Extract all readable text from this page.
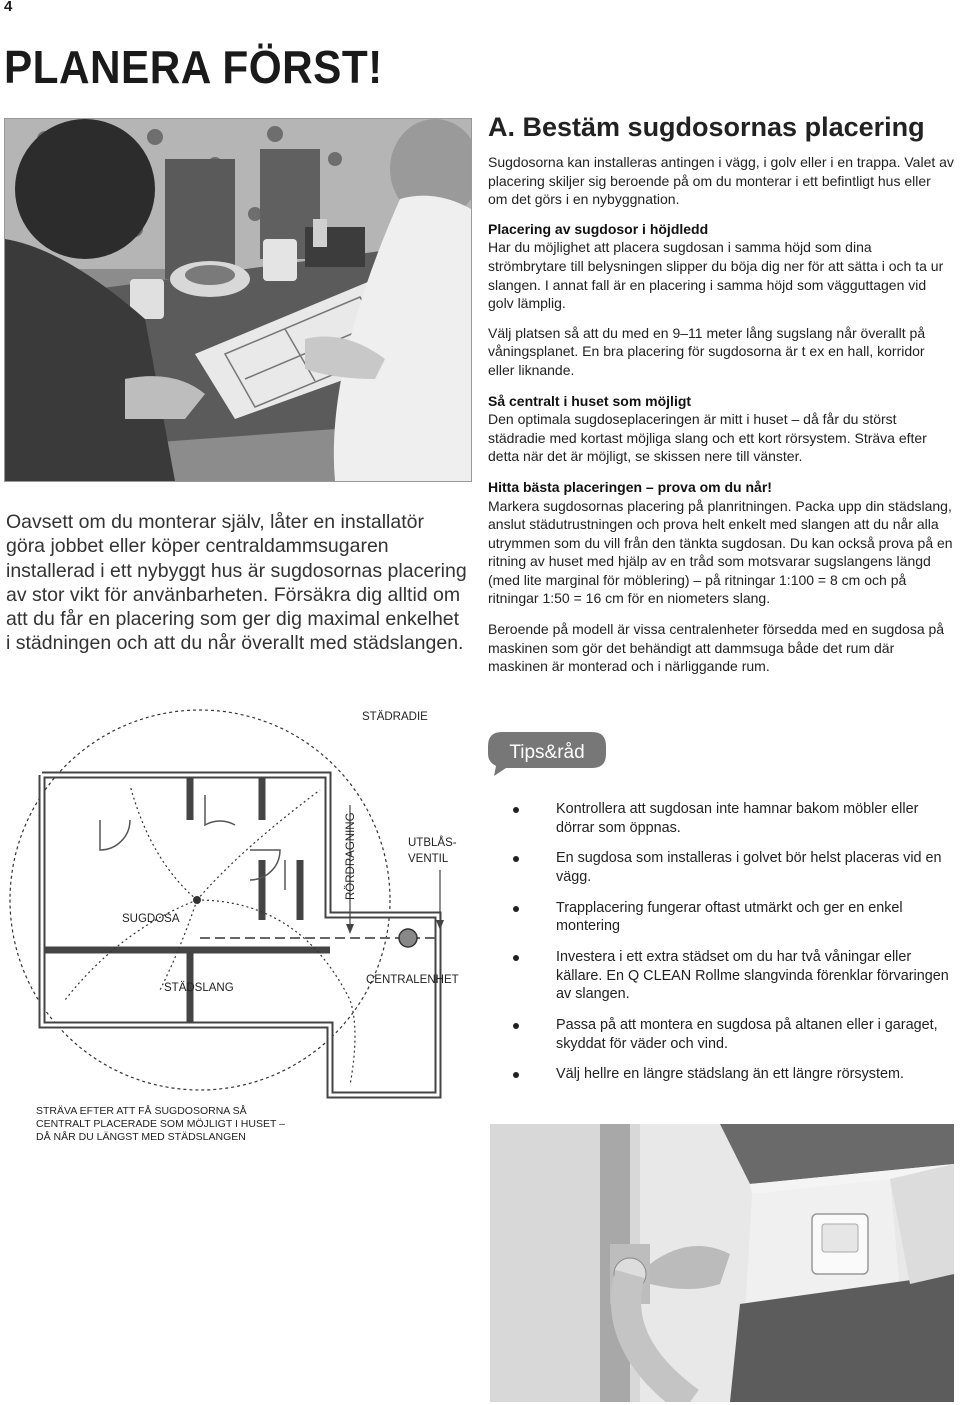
4
PLANERA FÖRST!
Oavsett om du monterar själv, låter en installatör göra jobbet eller köper centraldammsugaren installerad i ett nybyggt hus är sugdosornas placering av stor vikt för använbarheten. Försäkra dig alltid om att du får en placering som ger dig maximal enkelhet i städningen och att du når överallt med städslangen.
A. Bestäm sugdosornas placering

Sugdosorna kan installeras antingen i vägg, i golv eller i en trappa. Valet av placering skiljer sig beroende på om du monterar i ett befintligt hus eller om det görs i en nybyggnation.

Placering av sugdosor i höjdledd

Har du möjlighet att placera sugdosan i samma höjd som dina strömbrytare till belysningen slipper du böja dig ner för att sätta i och ta ur slangen. I annat fall är en placering i samma höjd som vägguttagen vid golv lämplig.

Välj platsen så att du med en 9–11 meter lång sugslang når överallt på våningsplanet. En bra placering för sugdosorna är t ex en hall, korridor eller liknande.

Så centralt i huset som möjligt

Den optimala sugdoseplaceringen är mitt i huset – då får du störst städradie med kortast möjliga slang och ett kort rörsystem. Sträva efter detta när det är möjligt, se skissen nere till vänster.

Hitta bästa placeringen – prova om du når!

Markera sugdosornas placering på planritningen. Packa upp din städslang, anslut städutrustningen och prova helt enkelt med slangen att du når alla utrymmen som du vill från den tänkta sugdosan. Du kan också prova på en ritning av huset med hjälp av en tråd som motsvarar sugslangens längd (med lite marginal för möblering) – på ritningar 1:100 = 8 cm och på ritningar 1:50 = 16 cm för en niometers slang.

Beroende på modell är vissa centralenheter försedda med en sugdosa på maskinen som gör det behändigt att dammsuga både det rum där maskinen är monterad och i närliggande rum.

Tips&råd
Kontrollera att sugdosan inte hamnar bakom möbler eller dörrar som öppnas.
En sugdosa som installeras i golvet bör helst placeras vid en vägg.
Trapplacering fungerar oftast utmärkt och ger en enkel montering
Investera i ett extra städset om du har två våningar eller källare. En Q CLEAN Rollme slangvinda förenklar förvaringen av slangen.
Passa på att montera en sugdosa på altanen eller i garaget, skyddat för väder och vind.
Välj hellre en längre städslang än ett längre rörsystem.
STÄDRADIE
RÖRDRAGNING	UTBLÅS-
VENTIL
SUGDOSA
STÄDSLANG
CENTRALENHET
STRÄVA EFTER ATT FÅ SUGDOSORNA SÅ CENTRALT PLACERADE SOM MÖJLIGT I HUSET – DÅ NÅR DU LÄNGST MED STÄDSLANGEN
